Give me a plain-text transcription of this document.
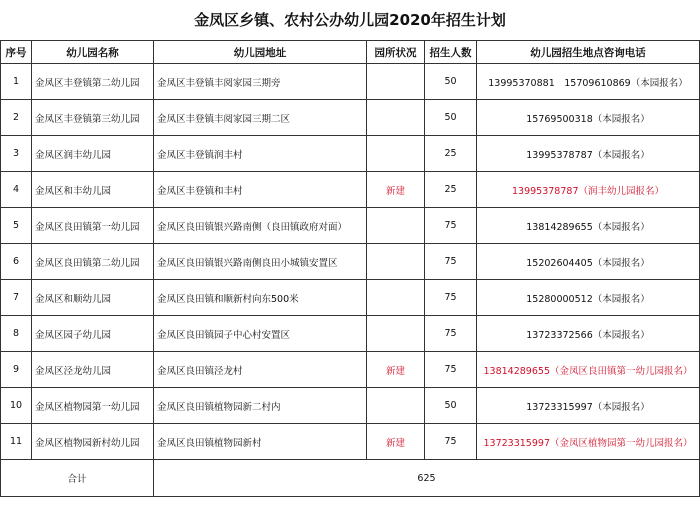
金凤区乡镇、农村公办幼儿园2020年招生计划
序号	幼儿园名称	幼儿园地址	园所状况	招生人数	幼儿园招生地点咨询电话
1	金凤区丰登镇第二幼儿园	金凤区丰登镇丰阅家园三期旁		50	13995370881　15709610869（本园报名）
2	金凤区丰登镇第三幼儿园	金凤区丰登镇丰阅家园三期二区		50	15769500318（本园报名）
3	金凤区润丰幼儿园	金凤区丰登镇润丰村		25	13995378787（本园报名）
4	金凤区和丰幼儿园	金凤区丰登镇和丰村	新建	25	13995378787（润丰幼儿园报名）
5	金凤区良田镇第一幼儿园	金凤区良田镇银兴路南侧（良田镇政府对面）		75	13814289655（本园报名）
6	金凤区良田镇第二幼儿园	金凤区良田镇银兴路南侧良田小城镇安置区		75	15202604405（本园报名）
7	金凤区和顺幼儿园	金凤区良田镇和顺新村向东500米		75	15280000512（本园报名）
8	金凤区园子幼儿园	金凤区良田镇园子中心村安置区		75	13723372566（本园报名）
9	金凤区泾龙幼儿园	金凤区良田镇泾龙村	新建	75	13814289655（金凤区良田镇第一幼儿园报名）
10	金凤区植物园第一幼儿园	金凤区良田镇植物园新二村内		50	13723315997（本园报名）
11	金凤区植物园新村幼儿园	金凤区良田镇植物园新村	新建	75	13723315997（金凤区植物园第一幼儿园报名）
合计		625			
